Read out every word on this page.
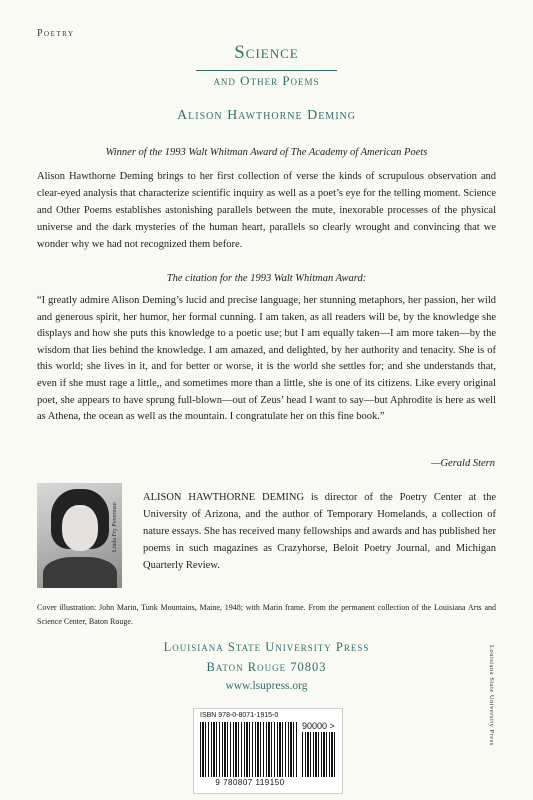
Poetry
Science
and Other Poems
Alison Hawthorne Deming
Winner of the 1993 Walt Whitman Award of The Academy of American Poets
Alison Hawthorne Deming brings to her first collection of verse the kinds of scrupulous observation and clear-eyed analysis that characterize scientific inquiry as well as a poet’s eye for the telling moment. Science and Other Poems establishes astonishing parallels between the mute, inexorable processes of the physical universe and the dark mysteries of the human heart, parallels so clearly wrought and convincing that we wonder why we had not recognized them before.
The citation for the 1993 Walt Whitman Award:
“I greatly admire Alison Deming’s lucid and precise language, her stunning metaphors, her passion, her wild and generous spirit, her humor, her formal cunning. I am taken, as all readers will be, by the knowledge she displays and how she puts this knowledge to a poetic use; but I am equally taken—I am more taken—by the wisdom that lies behind the knowledge. I am amazed, and delighted, by her authority and tenacity. She is of this world; she lives in it, and for better or worse, it is the world she settles for; and she understands that, even if she must rage a little,, and sometimes more than a little, she is one of its citizens. Like every original poet, she appears to have sprung full-blown—out of Zeus’ head I want to say—but Aphrodite is here as well as Athena, the ocean as well as the mountain. I congratulate her on this fine book.”
—Gerald Stern
Linda Fry Poverman
ALISON HAWTHORNE DEMING is director of the Poetry Center at the University of Arizona, and the author of Temporary Homelands, a collection of nature essays. She has received many fellowships and awards and has published her poems in such magazines as Crazyhorse, Beloit Poetry Journal, and Michigan Quarterly Review.
Cover illustration: John Marin, Tunk Mountains, Maine, 1948; with Marin frame. From the permanent collection of the Louisiana Arts and Science Center, Baton Rouge.
Louisiana State University Press
Baton Rouge 70803
www.lsupress.org
ISBN 978-0-8071-1915-0
90000 >
9 780807 119150
Louisiana State University Press
